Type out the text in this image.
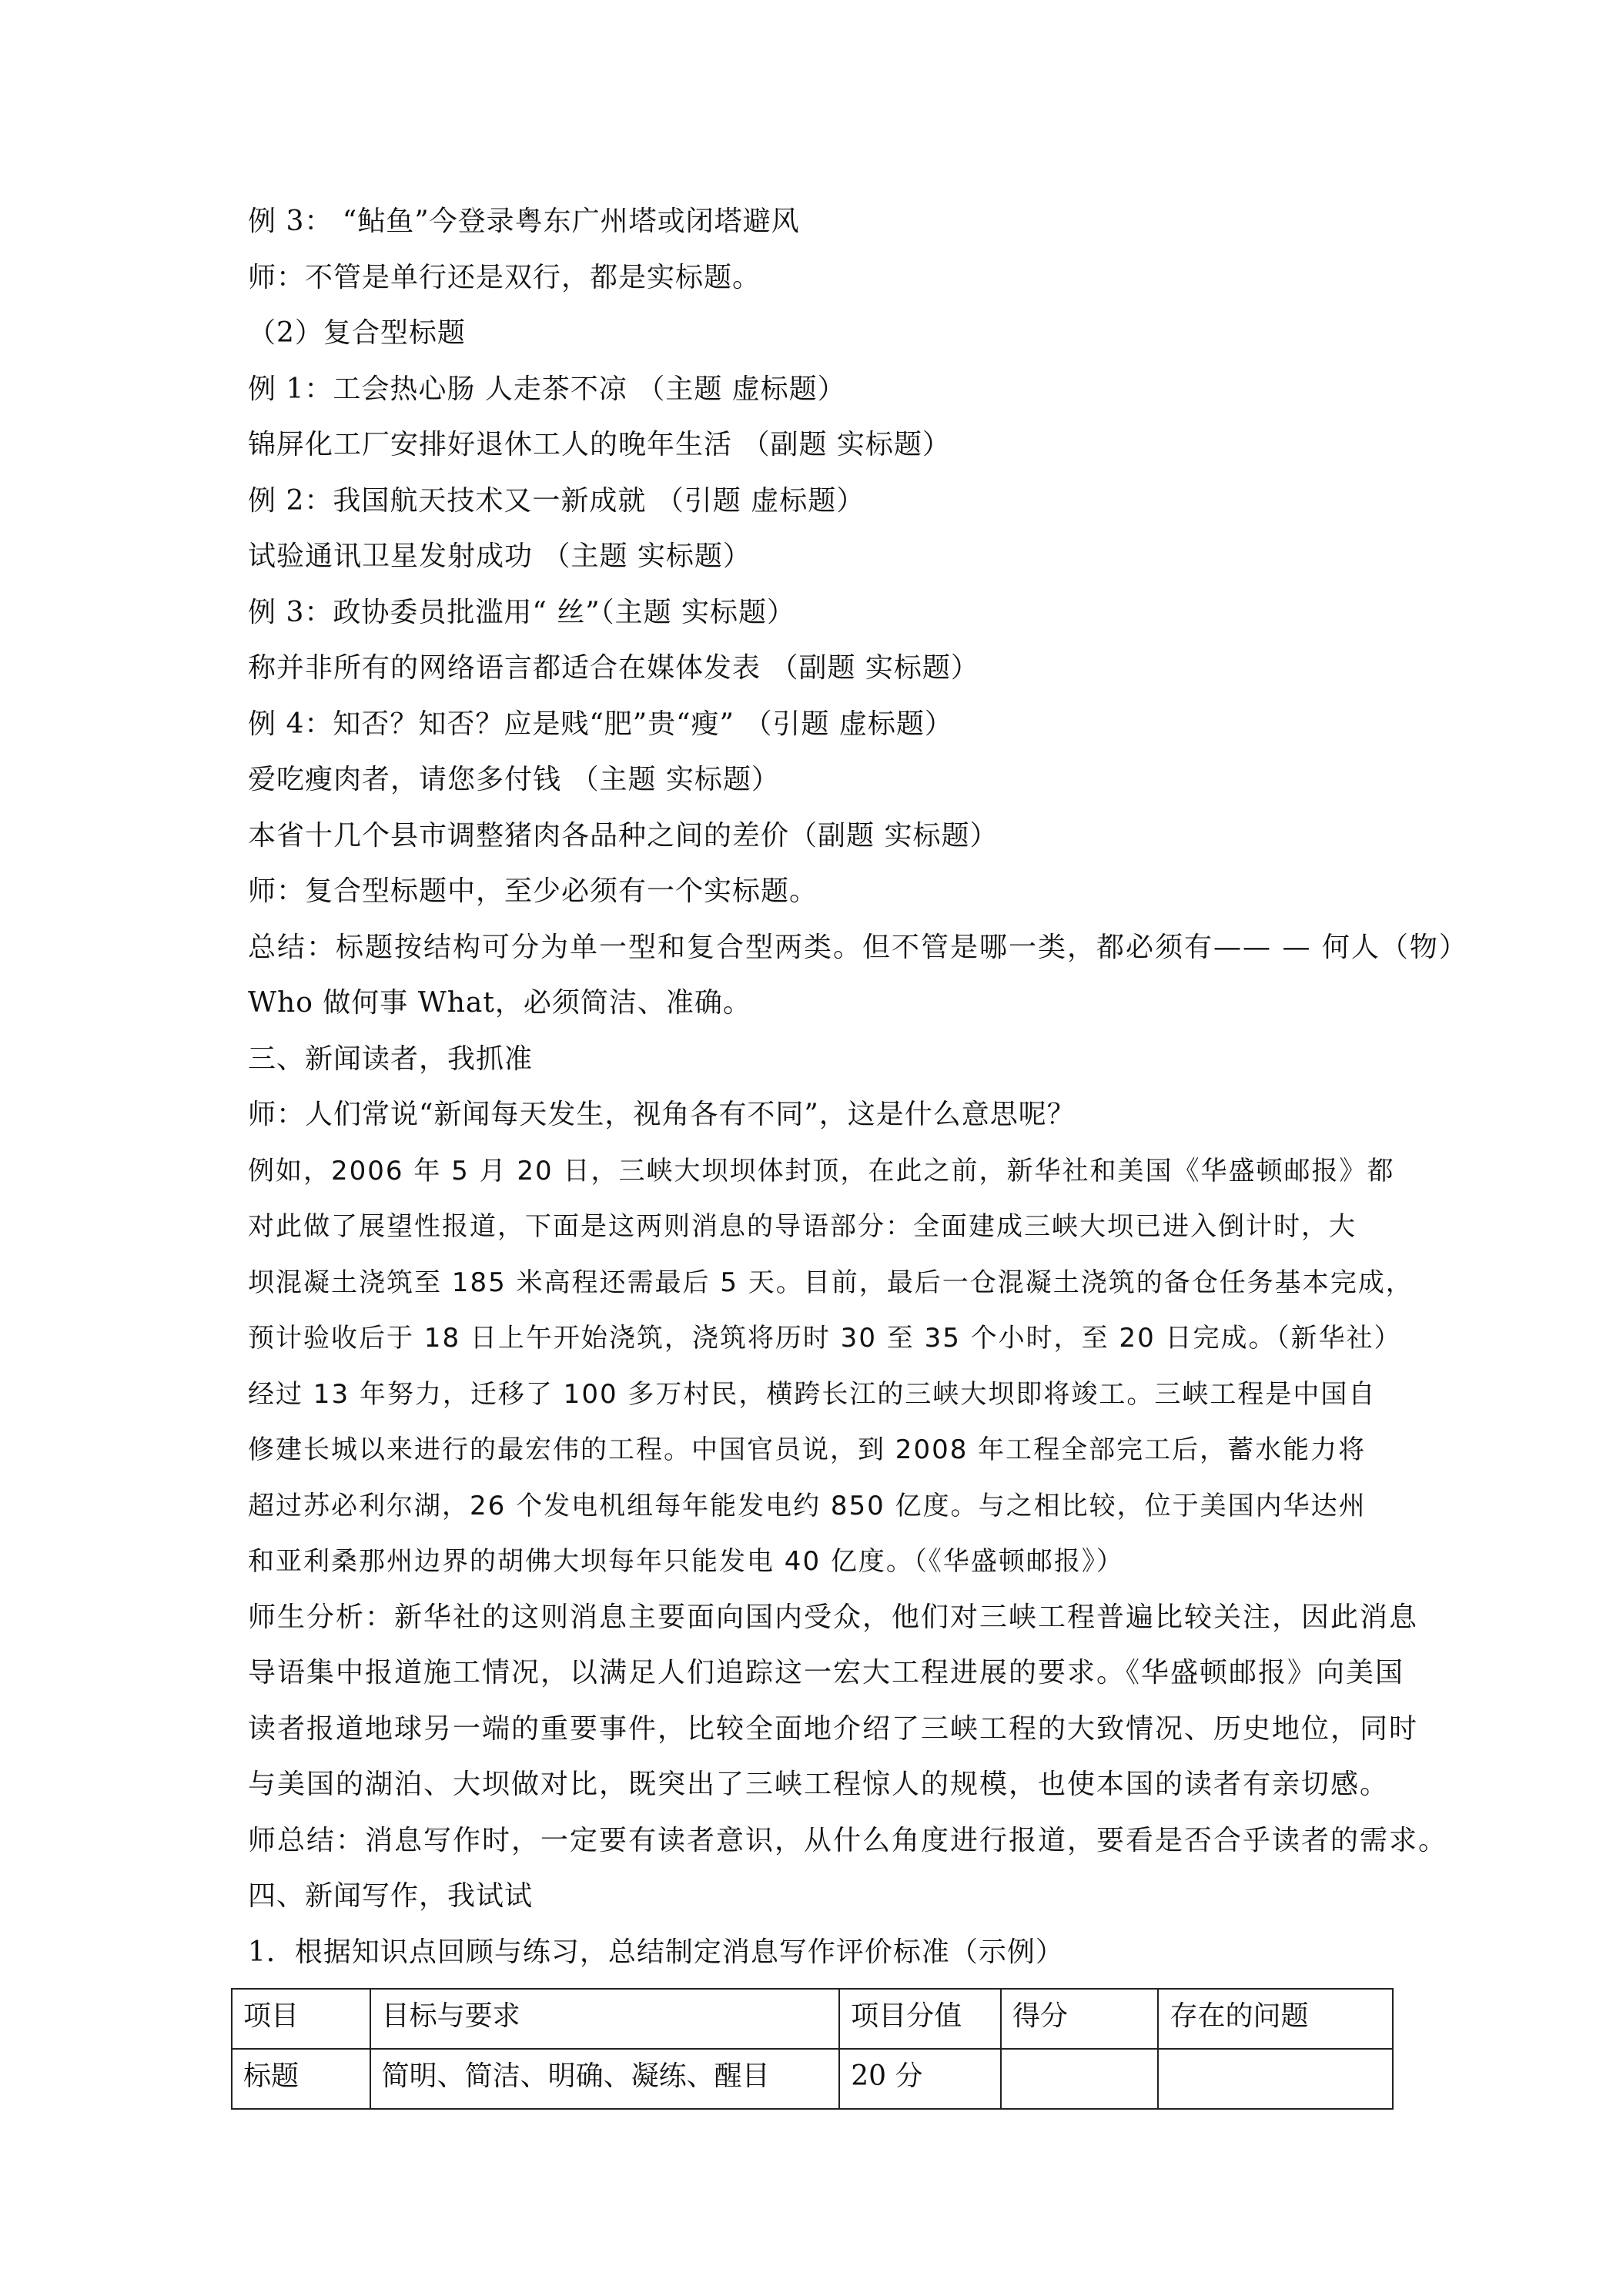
例 3： “鲇鱼”今登录粤东广州塔或闭塔避风
师：不管是单行还是双行，都是实标题。
（2）复合型标题
例 1：工会热心肠 人走茶不凉 （主题 虚标题）
锦屏化工厂安排好退休工人的晚年生活 （副题 实标题）
例 2：我国航天技术又一新成就 （引题 虚标题）
试验通讯卫星发射成功 （主题 实标题）
例 3：政协委员批滥用“ 丝”（主题 实标题）
称并非所有的网络语言都适合在媒体发表 （副题 实标题）
例 4：知否？知否？应是贱“肥”贵“瘦” （引题 虚标题）
爱吃瘦肉者，请您多付钱 （主题 实标题）
本省十几个县市调整猪肉各品种之间的差价（副题 实标题）
师：复合型标题中，至少必须有一个实标题。
总结：标题按结构可分为单一型和复合型两类。但不管是哪一类，都必须有—— — 何人（物）
Who 做何事 What，必须简洁、准确。
三、新闻读者，我抓准
师：人们常说“新闻每天发生，视角各有不同”，这是什么意思呢？
例如，2006 年 5 月 20 日，三峡大坝坝体封顶，在此之前，新华社和美国《华盛顿邮报》都
对此做了展望性报道，下面是这两则消息的导语部分：全面建成三峡大坝已进入倒计时，大
坝混凝土浇筑至 185 米高程还需最后 5 天。目前，最后一仓混凝土浇筑的备仓任务基本完成，
预计验收后于 18 日上午开始浇筑，浇筑将历时 30 至 35 个小时，至 20 日完成。（新华社）
经过 13 年努力，迁移了 100 多万村民，横跨长江的三峡大坝即将竣工。三峡工程是中国自
修建长城以来进行的最宏伟的工程。中国官员说，到 2008 年工程全部完工后，蓄水能力将
超过苏必利尔湖，26 个发电机组每年能发电约 850 亿度。与之相比较，位于美国内华达州
和亚利桑那州边界的胡佛大坝每年只能发电 40 亿度。（《华盛顿邮报》）
师生分析：新华社的这则消息主要面向国内受众，他们对三峡工程普遍比较关注，因此消息
导语集中报道施工情况，以满足人们追踪这一宏大工程进展的要求。《华盛顿邮报》向美国
读者报道地球另一端的重要事件，比较全面地介绍了三峡工程的大致情况、历史地位，同时
与美国的湖泊、大坝做对比，既突出了三峡工程惊人的规模，也使本国的读者有亲切感。
师总结：消息写作时，一定要有读者意识，从什么角度进行报道，要看是否合乎读者的需求。
四、新闻写作，我试试
1．根据知识点回顾与练习，总结制定消息写作评价标准（示例）
项目	目标与要求	项目分值	得分	存在的问题
标题	简明、简洁、明确、凝练、醒目	20 分		
